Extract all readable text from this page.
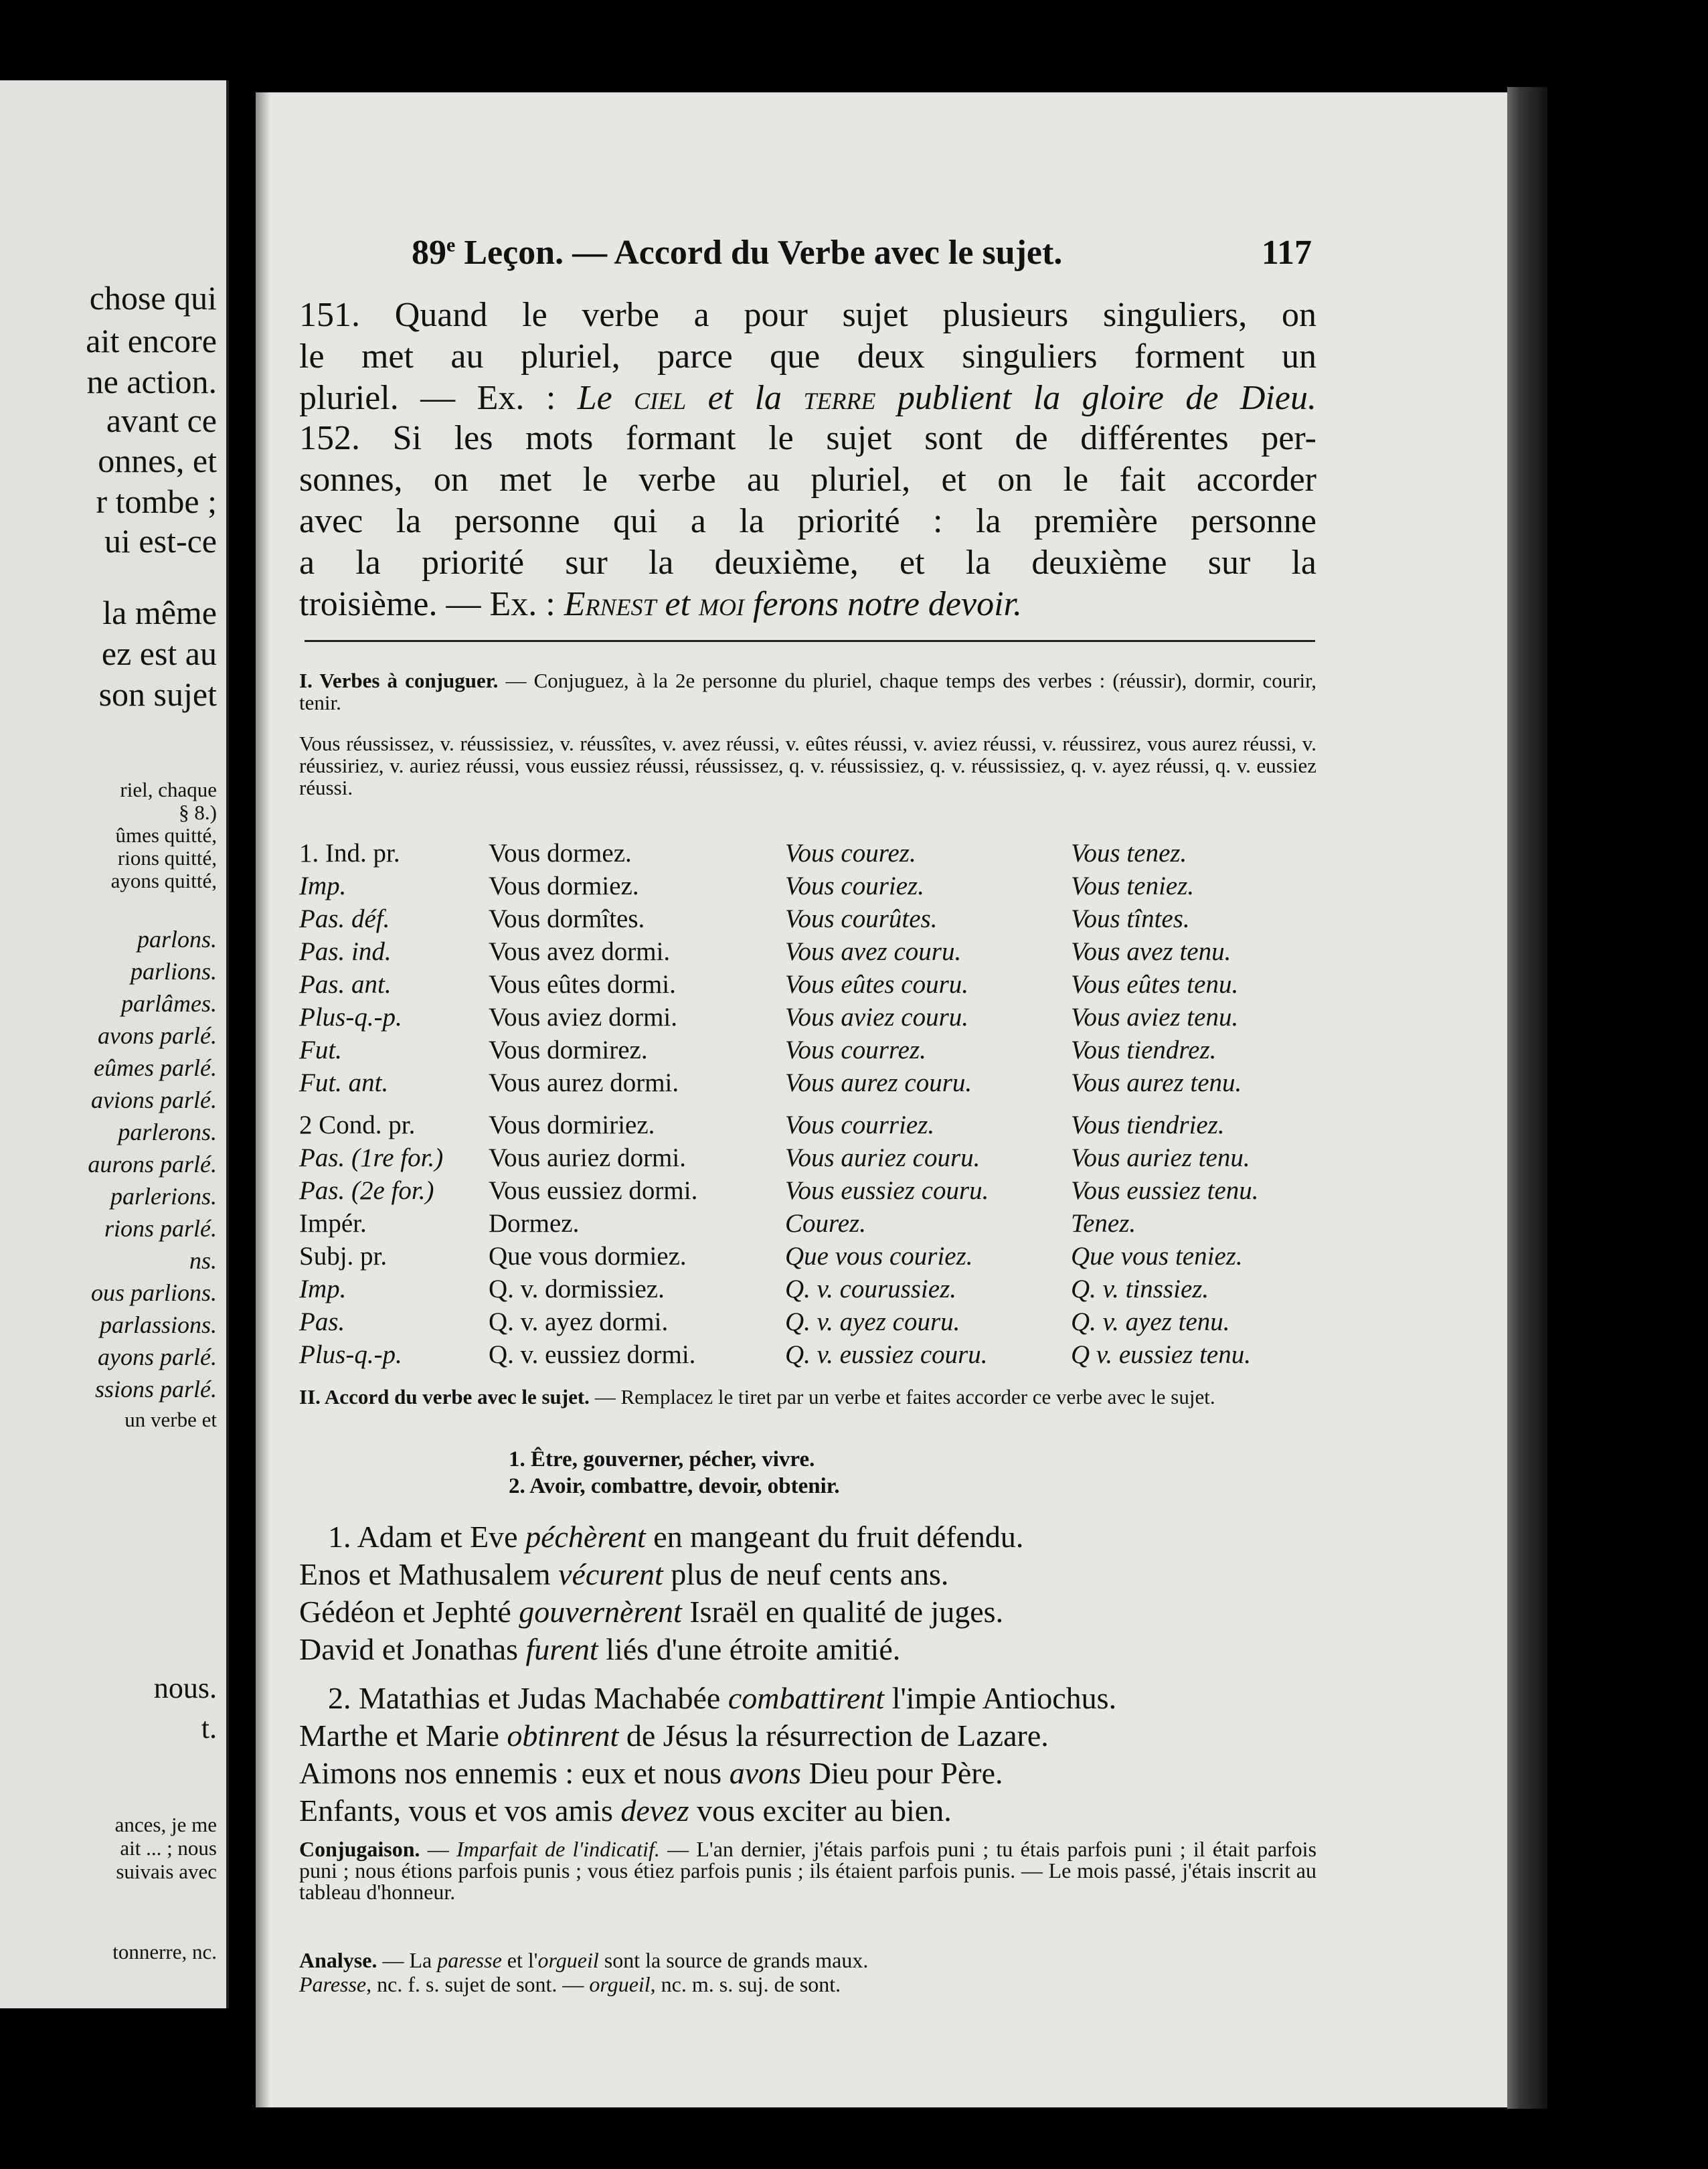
chose qui
ait encore
ne action.
avant ce
onnes, et
r tombe ;
ui est-ce
la même
ez est au
son sujet
riel, chaque
§ 8.)
ûmes quitté,
rions quitté,
ayons quitté,
parlons.
parlions.
parlâmes.
avons parlé.
eûmes parlé.
avions parlé.
parlerons.
aurons parlé.
parlerions.
rions parlé.
ns.
ous parlions.
parlassions.
ayons parlé.
ssions parlé.
un verbe et
nous.
t.
ances, je me
ait ... ; nous
suivais avec
tonnerre, nc.
89e Leçon. — Accord du Verbe avec le sujet.	117
151. Quand le verbe a pour sujet plusieurs singuliers, on
le met au pluriel, parce que deux singuliers forment un
pluriel. — Ex. : Le ciel et la terre publient la gloire de Dieu.
152. Si les mots formant le sujet sont de différentes per-
sonnes, on met le verbe au pluriel, et on le fait accorder
avec la personne qui a la priorité : la première personne
a la priorité sur la deuxième, et la deuxième sur la
troisième. — Ex. : Ernest et moi ferons notre devoir.
I. Verbes à conjuguer. — Conjuguez, à la 2e personne du pluriel, chaque temps des verbes : (réussir), dormir, courir, tenir.
Vous réussissez, v. réussissiez, v. réussîtes, v. avez réussi, v. eûtes réussi, v. aviez réussi, v. réussirez, vous aurez réussi, v. réussiriez, v. auriez réussi, vous eussiez réussi, réussissez, q. v. réussissiez, q. v. réussissiez, q. v. ayez réussi, q. v. eussiez réussi.
1. Ind. pr.	Vous dormez.	Vous courez.	Vous tenez.
Imp.	Vous dormiez.	Vous couriez.	Vous teniez.
Pas. déf.	Vous dormîtes.	Vous courûtes.	Vous tîntes.
Pas. ind.	Vous avez dormi.	Vous avez couru.	Vous avez tenu.
Pas. ant.	Vous eûtes dormi.	Vous eûtes couru.	Vous eûtes tenu.
Plus-q.-p.	Vous aviez dormi.	Vous aviez couru.	Vous aviez tenu.
Fut.	Vous dormirez.	Vous courrez.	Vous tiendrez.
Fut. ant.	Vous aurez dormi.	Vous aurez couru.	Vous aurez tenu.
2 Cond. pr.	Vous dormiriez.	Vous courriez.	Vous tiendriez.
Pas. (1re for.) Vous auriez dormi.	Vous auriez couru.	Vous auriez tenu.
Pas. (2e for.) Vous eussiez dormi.	Vous eussiez couru.	Vous eussiez tenu.
Impér.	Dormez.	Courez.	Tenez.
Subj. pr.	Que vous dormiez.	Que vous couriez.	Que vous teniez.
Imp.	Q. v. dormissiez.	Q. v. courussiez.	Q. v. tinssiez.
Pas.	Q. v. ayez dormi.	Q. v. ayez couru.	Q. v. ayez tenu.
Plus-q.-p.	Q. v. eussiez dormi.	Q. v. eussiez couru.	Q v. eussiez tenu.
II. Accord du verbe avec le sujet. — Remplacez le tiret par un verbe et faites accorder ce verbe avec le sujet.
1. Être, gouverner, pécher, vivre.
2. Avoir, combattre, devoir, obtenir.
Conjugaison. — Imparfait de l'indicatif. — L'an dernier, j'étais parfois puni ; tu étais parfois puni ; il était parfois puni ; nous étions parfois punis ; vous étiez parfois punis ; ils étaient parfois punis. — Le mois passé, j'étais inscrit au tableau d'honneur.
Analyse. — La paresse et l'orgueil sont la source de grands maux.
Paresse, nc. f. s. sujet de sont. — orgueil, nc. m. s. suj. de sont.
1. Adam et Eve péchèrent en mangeant du fruit défendu.
Enos et Mathusalem vécurent plus de neuf cents ans.
Gédéon et Jephté gouvernèrent Israël en qualité de juges.
David et Jonathas furent liés d'une étroite amitié.
2. Matathias et Judas Machabée combattirent l'impie Antiochus.
Marthe et Marie obtinrent de Jésus la résurrection de Lazare.
Aimons nos ennemis : eux et nous avons Dieu pour Père.
Enfants, vous et vos amis devez vous exciter au bien.
